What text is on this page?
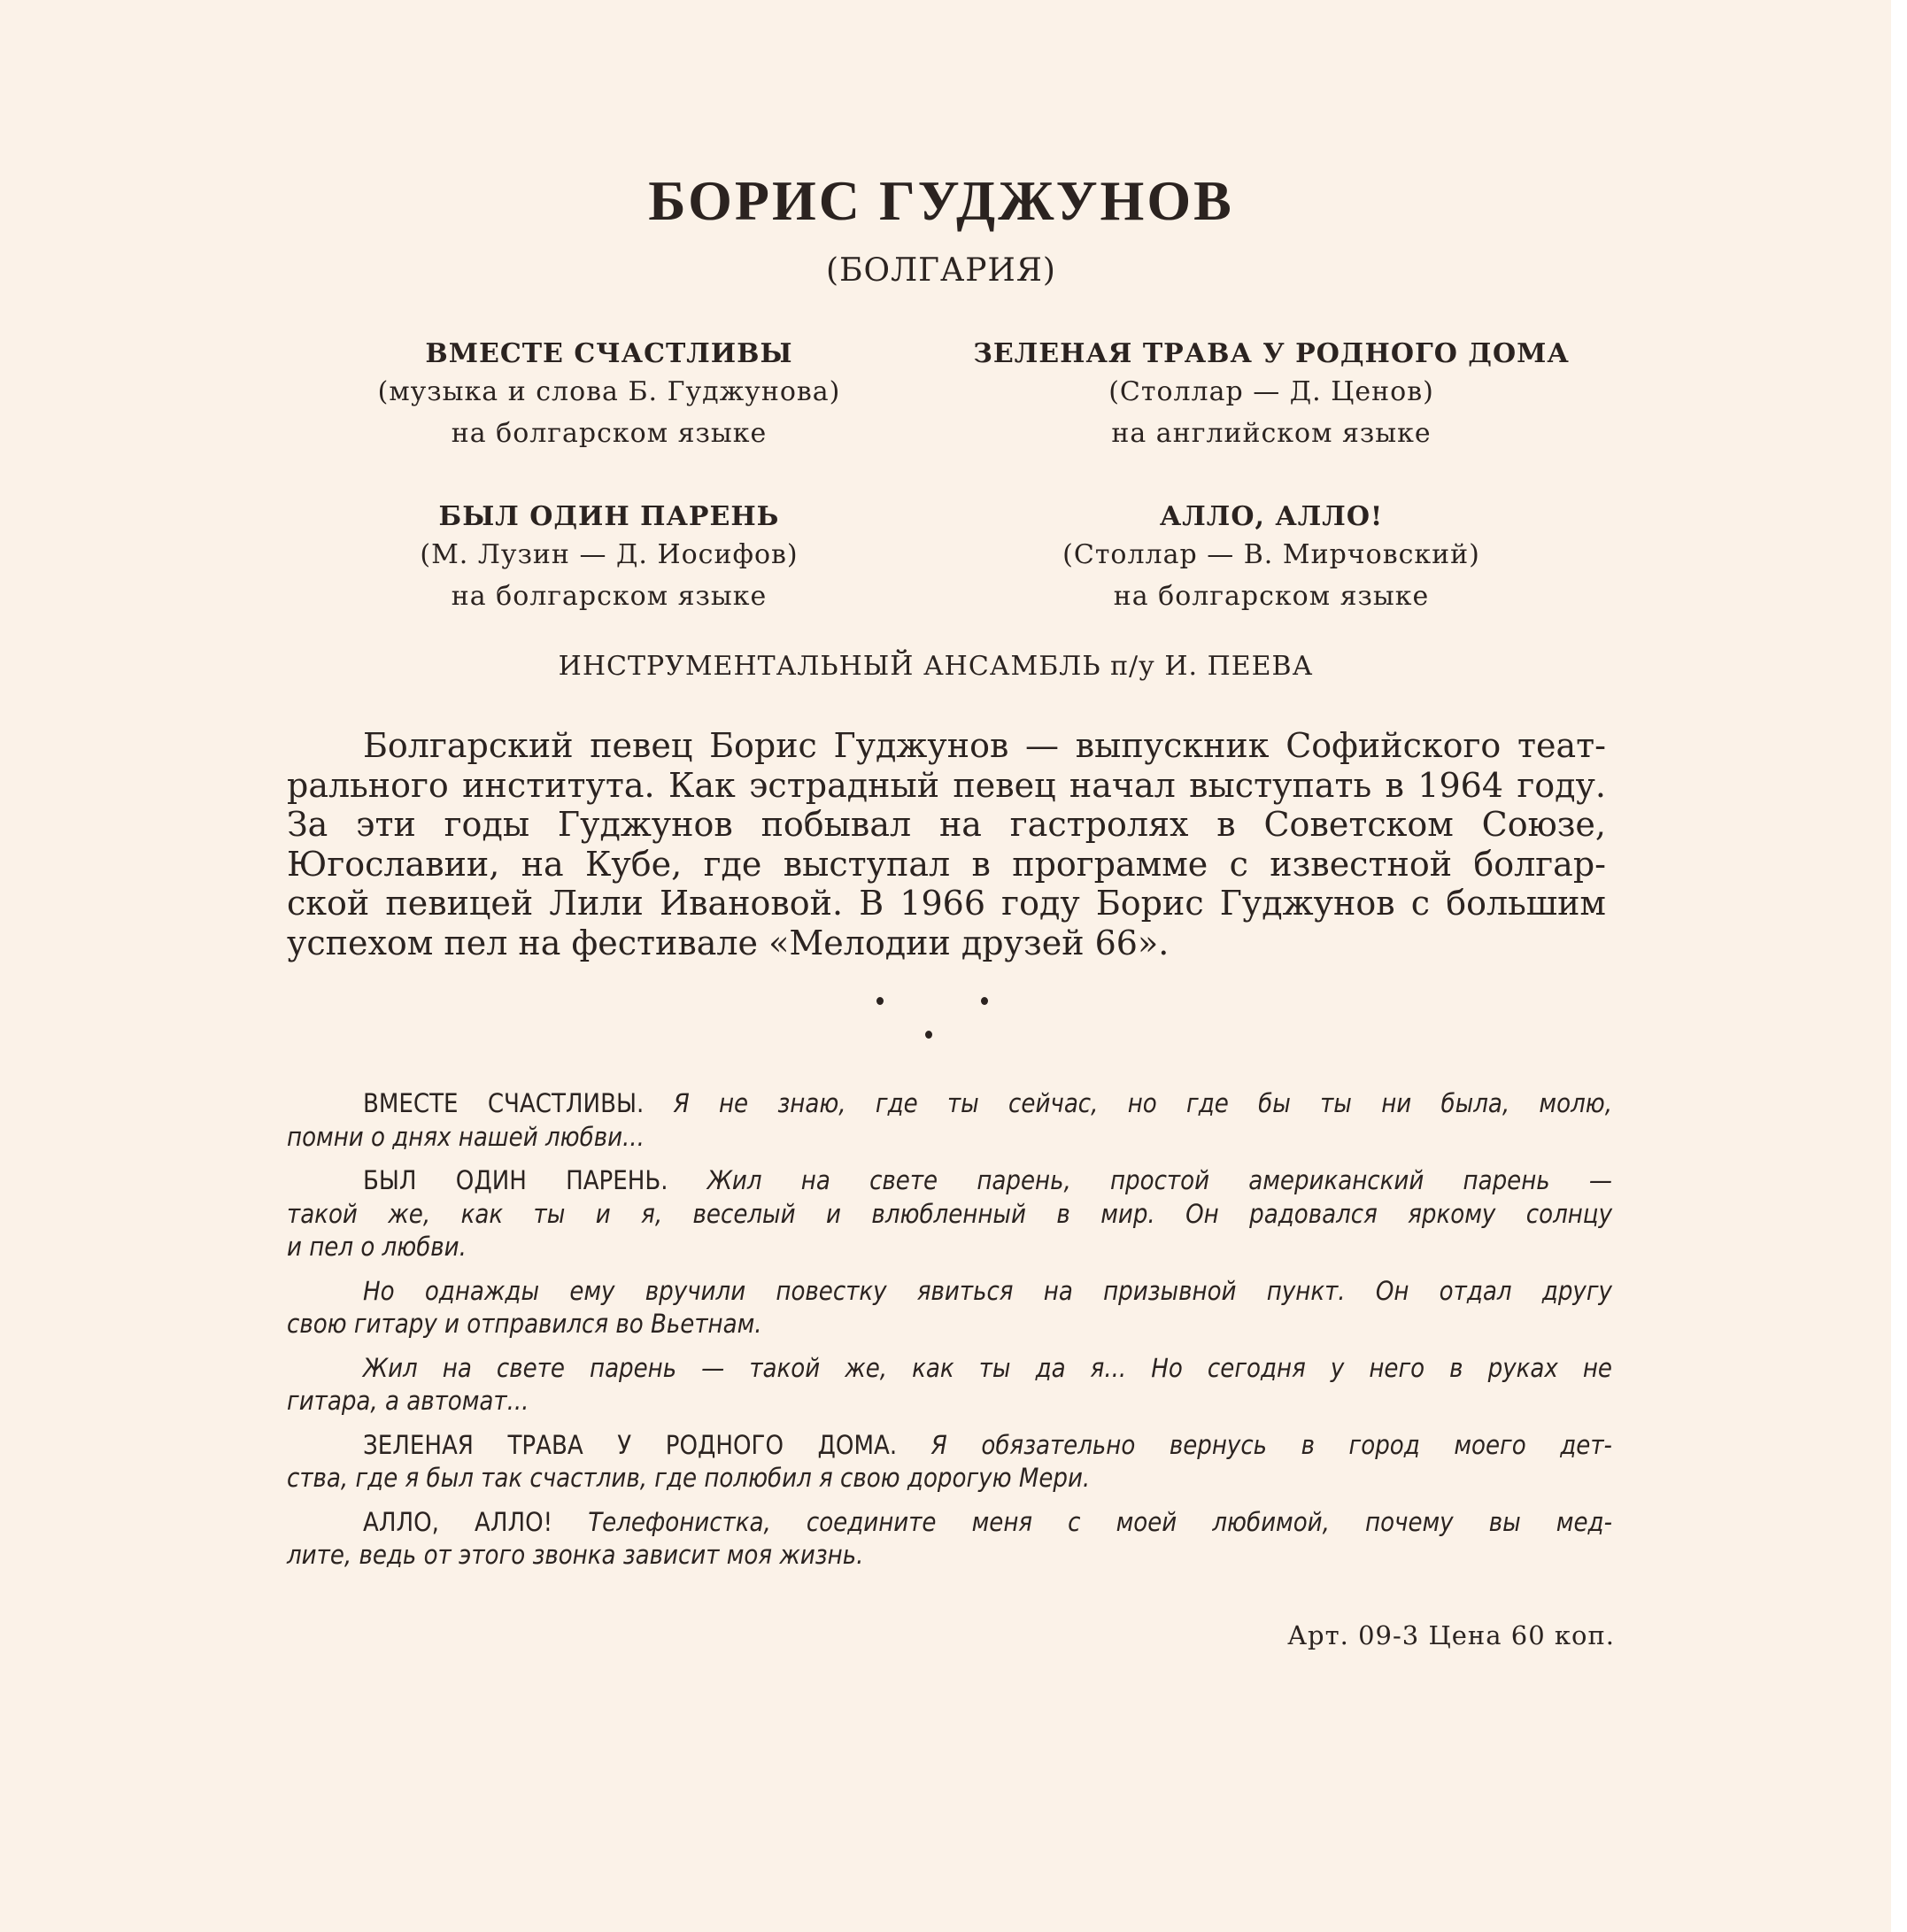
БОРИС ГУДЖУНОВ
(БОЛГАРИЯ)
ВМЕСТЕ СЧАСТЛИВЫ
(музыка и слова Б. Гуджунова)
на болгарском языке
ЗЕЛЕНАЯ ТРАВА У РОДНОГО ДОМА
(Столлар — Д. Ценов)
на английском языке
БЫЛ ОДИН ПАРЕНЬ
(М. Лузин — Д. Иосифов)
на болгарском языке
АЛЛО, АЛЛО!
(Столлар — В. Мирчовский)
на болгарском языке
ИНСТРУМЕНТАЛЬНЫЙ АНСАМБЛЬ п/у И. ПЕЕВА
Болгарский певец Борис Гуджунов — выпускник Софийского теат-
рального института. Как эстрадный певец начал выступать в 1964 году.
За эти годы Гуджунов побывал на гастролях в Советском Союзе,
Югославии, на Кубе, где выступал в программе с известной болгар-
ской певицей Лили Ивановой. В 1966 году Борис Гуджунов с большим
успехом пел на фестивале «Мелодии друзей 66».
ВМЕСТЕ СЧАСТЛИВЫ. Я не знаю, где ты сейчас, но где бы ты ни была, молю,
помни о днях нашей любви...
БЫЛ ОДИН ПАРЕНЬ. Жил на свете парень, простой американский парень —
такой же, как ты и я, веселый и влюбленный в мир. Он радовался яркому солнцу
и пел о любви.
Но однажды ему вручили повестку явиться на призывной пункт. Он отдал другу
свою гитару и отправился во Вьетнам.
Жил на свете парень — такой же, как ты да я... Но сегодня у него в руках не
гитара, а автомат...
ЗЕЛЕНАЯ ТРАВА У РОДНОГО ДОМА. Я обязательно вернусь в город моего дет-
ства, где я был так счастлив, где полюбил я свою дорогую Мери.
АЛЛО, АЛЛО! Телефонистка, соедините меня с моей любимой, почему вы мед-
лите, ведь от этого звонка зависит моя жизнь.
Арт. 09-3 Цена 60 коп.
